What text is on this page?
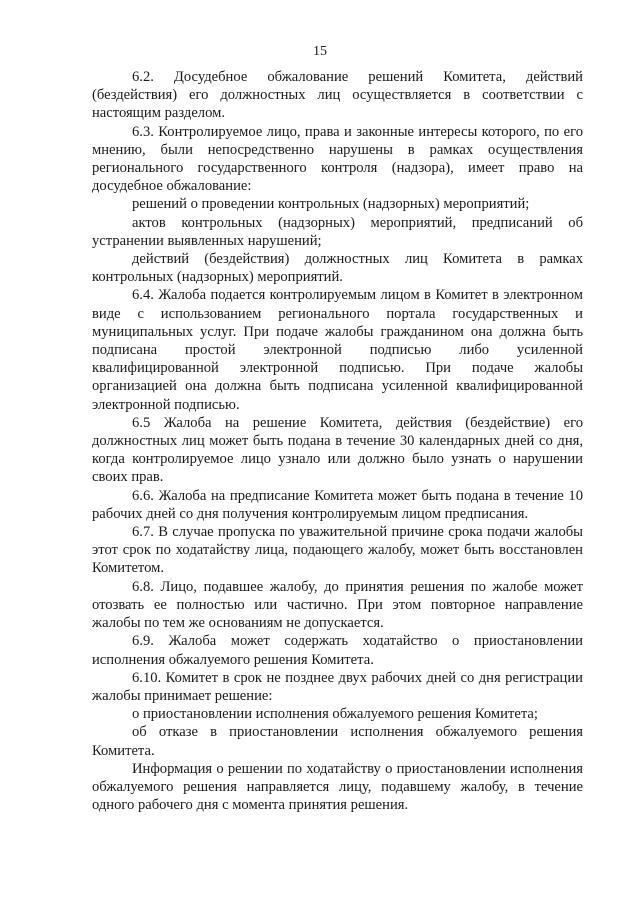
15

6.2. Досудебное обжалование решений Комитета, действий (бездействия) его должностных лиц осуществляется в соответствии с настоящим разделом.

6.3. Контролируемое лицо, права и законные интересы которого, по его мнению, были непосредственно нарушены в рамках осуществления регионального государственного контроля (надзора), имеет право на досудебное обжалование:

решений о проведении контрольных (надзорных) мероприятий;

актов контрольных (надзорных) мероприятий, предписаний об устранении выявленных нарушений;

действий (бездействия) должностных лиц Комитета в рамках контрольных (надзорных) мероприятий.

6.4. Жалоба подается контролируемым лицом в Комитет в электронном виде с использованием регионального портала государственных и муниципальных услуг. При подаче жалобы гражданином она должна быть подписана простой электронной подписью либо усиленной квалифицированной электронной подписью. При подаче жалобы организацией она должна быть подписана усиленной квалифицированной электронной подписью.

6.5 Жалоба на решение Комитета, действия (бездействие) его должностных лиц может быть подана в течение 30 календарных дней со дня, когда контролируемое лицо узнало или должно было узнать о нарушении своих прав.

6.6. Жалоба на предписание Комитета может быть подана в течение 10 рабочих дней со дня получения контролируемым лицом предписания.

6.7. В случае пропуска по уважительной причине срока подачи жалобы этот срок по ходатайству лица, подающего жалобу, может быть восстановлен Комитетом.

6.8. Лицо, подавшее жалобу, до принятия решения по жалобе может отозвать ее полностью или частично. При этом повторное направление жалобы по тем же основаниям не допускается.

6.9. Жалоба может содержать ходатайство о приостановлении исполнения обжалуемого решения Комитета.

6.10. Комитет в срок не позднее двух рабочих дней со дня регистрации жалобы принимает решение:

о приостановлении исполнения обжалуемого решения Комитета;

об отказе в приостановлении исполнения обжалуемого решения Комитета.

Информация о решении по ходатайству о приостановлении исполнения обжалуемого решения направляется лицу, подавшему жалобу, в течение одного рабочего дня с момента принятия решения.
